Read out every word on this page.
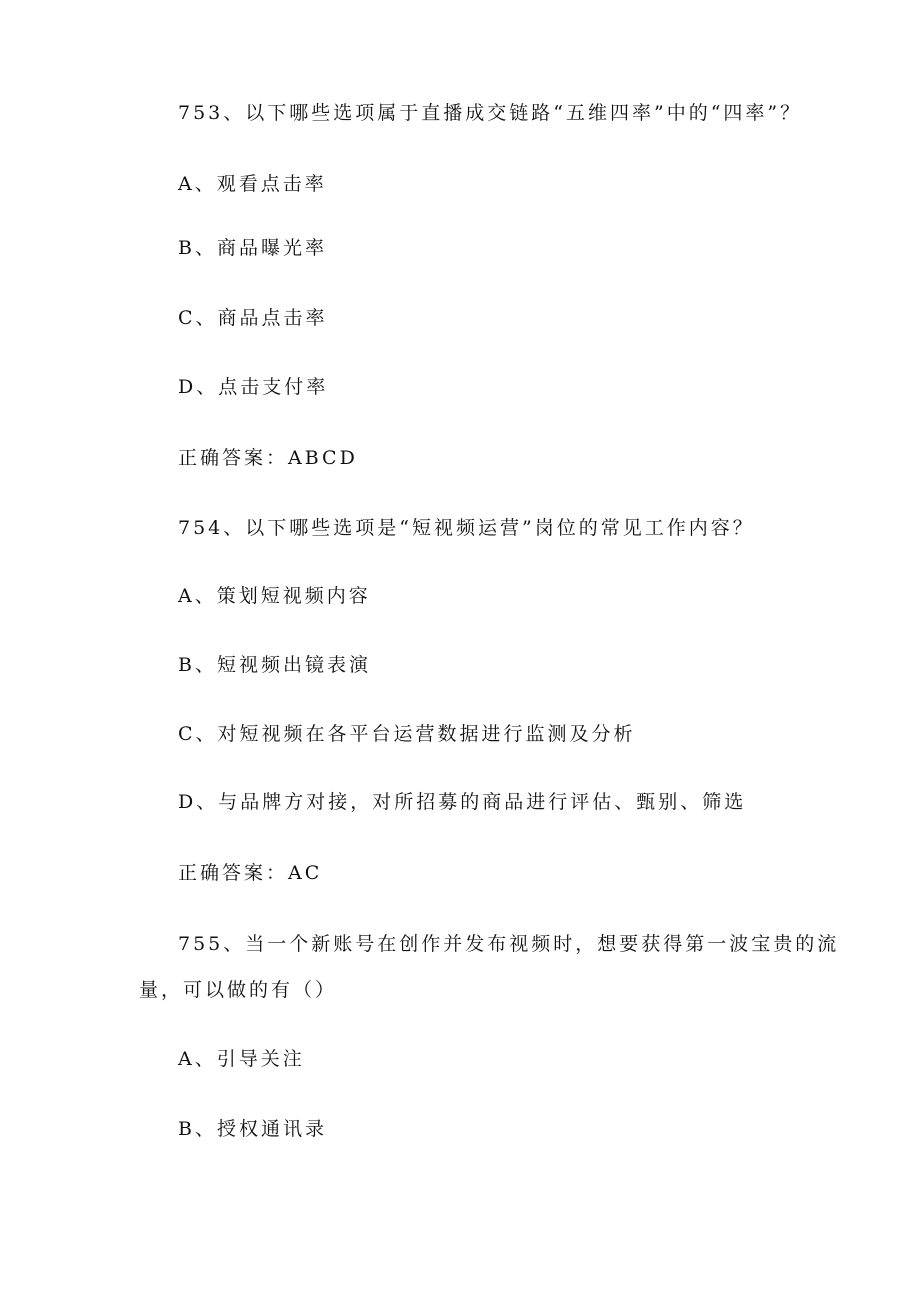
753、以下哪些选项属于直播成交链路“五维四率”中的“四率”？
A、观看点击率
B、商品曝光率
C、商品点击率
D、点击支付率
正确答案：ABCD
754、以下哪些选项是“短视频运营”岗位的常见工作内容？
A、策划短视频内容
B、短视频出镜表演
C、对短视频在各平台运营数据进行监测及分析
D、与品牌方对接，对所招募的商品进行评估、甄别、筛选
正确答案：AC
755、当一个新账号在创作并发布视频时，想要获得第一波宝贵的流
量，可以做的有（）
A、引导关注
B、授权通讯录
